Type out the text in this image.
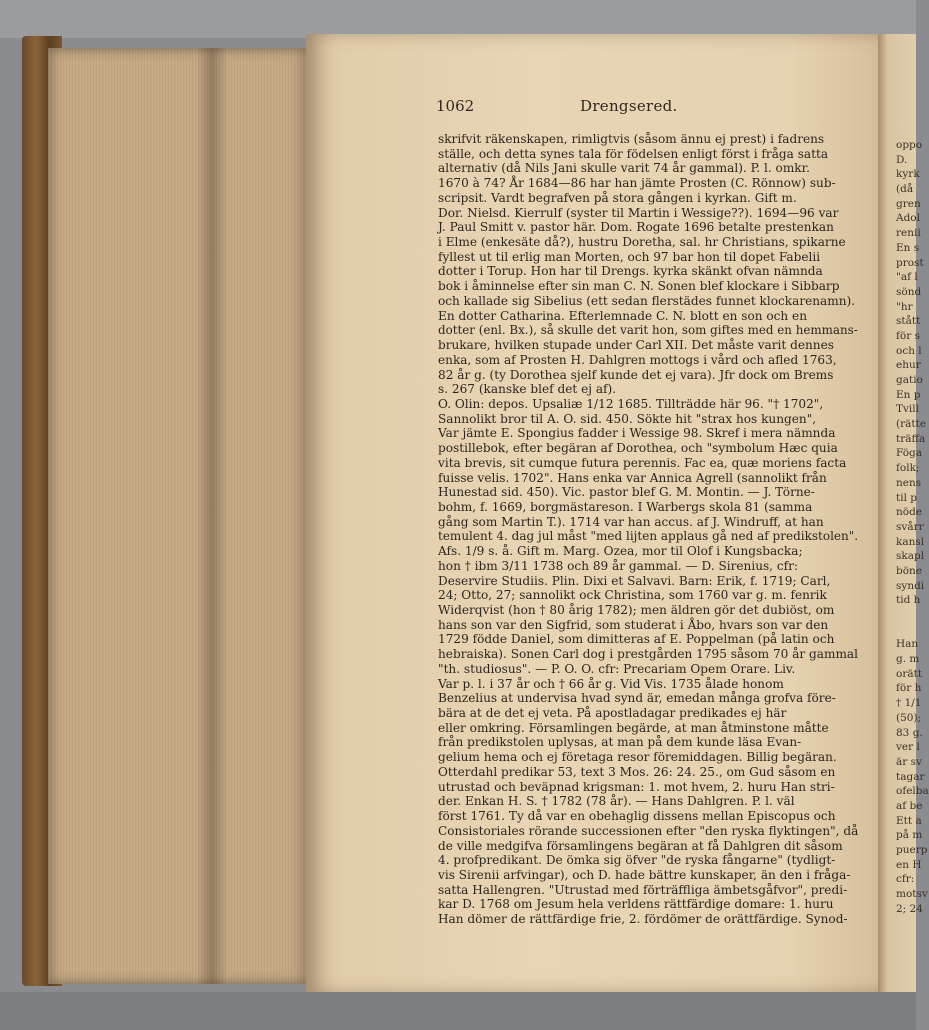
1062	Drengsered.
skrifvit räkenskapen, rimligtvis (såsom ännu ej prest) i fadrens
ställe, och detta synes tala för födelsen enligt först i fråga satta
alternativ (då Nils Jani skulle varit 74 år gammal). P. l. omkr.
1670 à 74? År 1684—86 har han jämte Prosten (C. Rönnow) sub-
scripsit. Vardt begrafven på stora gången i kyrkan. Gift m.
Dor. Nielsd. Kierrulf (syster til Martin i Wessige??). 1694—96 var
J. Paul Smitt v. pastor här. Dom. Rogate 1696 betalte prestenkan
i Elme (enkesäte då?), hustru Doretha, sal. hr Christians, spikarne
fyllest ut til erlig man Morten, och 97 bar hon til dopet Fabelii
dotter i Torup. Hon har til Drengs. kyrka skänkt ofvan nämnda
bok i åminnelse efter sin man C. N. Sonen blef klockare i Sibbarp
och kallade sig Sibelius (ett sedan flerstädes funnet klockarenamn).
En dotter Catharina. Efterlemnade C. N. blott en son och en
dotter (enl. Bx.), så skulle det varit hon, som giftes med en hemmans-
brukare, hvilken stupade under Carl XII. Det måste varit dennes
enka, som af Prosten H. Dahlgren mottogs i vård och afled 1763,
82 år g. (ty Dorothea sjelf kunde det ej vara). Jfr dock om Brems
s. 267 (kanske blef det ej af).
O. Olin: depos. Upsaliæ 1/12 1685. Tillträdde här 96. "† 1702",
Sannolikt bror til A. O. sid. 450. Sökte hit "strax hos kungen",
Var jämte E. Spongius fadder i Wessige 98. Skref i mera nämnda
postillebok, efter begäran af Dorothea, och "symbolum Hæc quia
vita brevis, sit cumque futura perennis. Fac ea, quæ moriens facta
fuisse velis. 1702". Hans enka var Annica Agrell (sannolikt från
Hunestad sid. 450). Vic. pastor blef G. M. Montin. — J. Törne-
bohm, f. 1669, borgmästareson. I Warbergs skola 81 (samma
gång som Martin T.). 1714 var han accus. af J. Windruff, at han
temulent 4. dag jul måst "med lijten applaus gå ned af predikstolen".
Afs. 1/9 s. å. Gift m. Marg. Ozea, mor til Olof i Kungsbacka;
hon † ibm 3/11 1738 och 89 år gammal. — D. Sirenius, cfr:
Deservire Studiis. Plin. Dixi et Salvavi. Barn: Erik, f. 1719; Carl,
24; Otto, 27; sannolikt ock Christina, som 1760 var g. m. fenrik
Widerqvist (hon † 80 årig 1782); men äldren gör det dubiöst, om
hans son var den Sigfrid, som studerat i Åbo, hvars son var den
1729 födde Daniel, som dimitteras af E. Poppelman (på latin och
hebraiska). Sonen Carl dog i prestgården 1795 såsom 70 år gammal
"th. studiosus". — P. O. O. cfr: Precariam Opem Orare. Liv.
Var p. l. i 37 år och † 66 år g. Vid Vis. 1735 ålade honom
Benzelius at undervisa hvad synd är, emedan många grofva före-
bära at de det ej veta. På apostladagar predikades ej här
eller omkring. Församlingen begärde, at man åtminstone måtte
från predikstolen uplysas, at man på dem kunde läsa Evan-
gelium hema och ej företaga resor föremiddagen. Billig begäran.
Otterdahl predikar 53, text 3 Mos. 26: 24. 25., om Gud såsom en
utrustad och beväpnad krigsman: 1. mot hvem, 2. huru Han stri-
der. Enkan H. S. † 1782 (78 år). — Hans Dahlgren. P. l. väl
först 1761. Ty då var en obehaglig dissens mellan Episcopus och
Consistoriales rörande successionen efter "den ryska flyktingen", då
de ville medgifva församlingens begäran at få Dahlgren dit såsom
4. profpredikant. De ömka sig öfver "de ryska fångarne" (tydligt-
vis Sirenii arfvingar), och D. hade bättre kunskaper, än den i fråga-
satta Hallengren. "Utrustad med förträffliga ämbetsgåfvor", predi-
kar D. 1768 om Jesum hela verldens rättfärdige domare: 1. huru
Han dömer de rättfärdige frie, 2. fördömer de orättfärdige. Synod-
oppo
D.
kyrk
(då
gren
Adol
renii
En s
prost
"af l
sönd
"hr
stått
för s
och l
ehur
gatio
En p
Tvill
(rätte
träffa
Föga
folk;
nens
til p
nöde
svårr
kansl
skapl
böne
syndi
tid h
Han
g. m
orätt
för h
† 1/1
(50);
83 g.
ver l
är sv
tagar
ofelba
af be
Ett a
på m
puerp
en H
cfr:
motsv
2; 24
